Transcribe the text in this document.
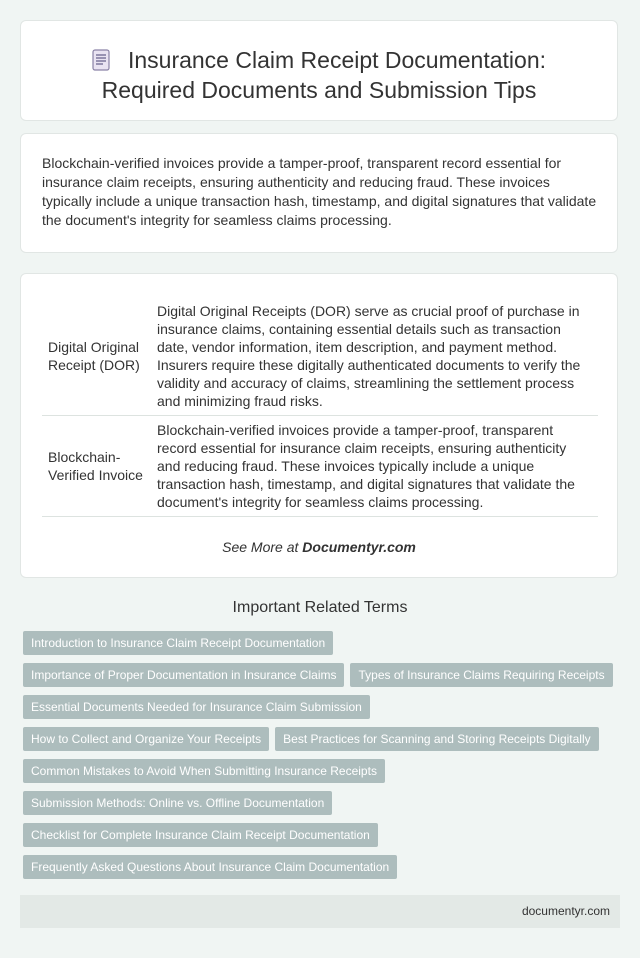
Insurance Claim Receipt Documentation:
Required Documents and Submission Tips
Blockchain-verified invoices provide a tamper-proof, transparent record essential for insurance claim receipts, ensuring authenticity and reducing fraud. These invoices typically include a unique transaction hash, timestamp, and digital signatures that validate the document's integrity for seamless claims processing.
Digital Original Receipt (DOR)	Digital Original Receipts (DOR) serve as crucial proof of purchase in insurance claims, containing essential details such as transaction date, vendor information, item description, and payment method. Insurers require these digitally authenticated documents to verify the validity and accuracy of claims, streamlining the settlement process and minimizing fraud risks.
Blockchain-Verified Invoice	Blockchain-verified invoices provide a tamper-proof, transparent record essential for insurance claim receipts, ensuring authenticity and reducing fraud. These invoices typically include a unique transaction hash, timestamp, and digital signatures that validate the document's integrity for seamless claims processing.
See More at Documentyr.com
Important Related Terms
Introduction to Insurance Claim Receipt Documentation
Importance of Proper Documentation in Insurance Claims Types of Insurance Claims Requiring Receipts
Essential Documents Needed for Insurance Claim Submission
How to Collect and Organize Your Receipts Best Practices for Scanning and Storing Receipts Digitally
Common Mistakes to Avoid When Submitting Insurance Receipts
Submission Methods: Online vs. Offline Documentation
Checklist for Complete Insurance Claim Receipt Documentation
Frequently Asked Questions About Insurance Claim Documentation
documentyr.com
